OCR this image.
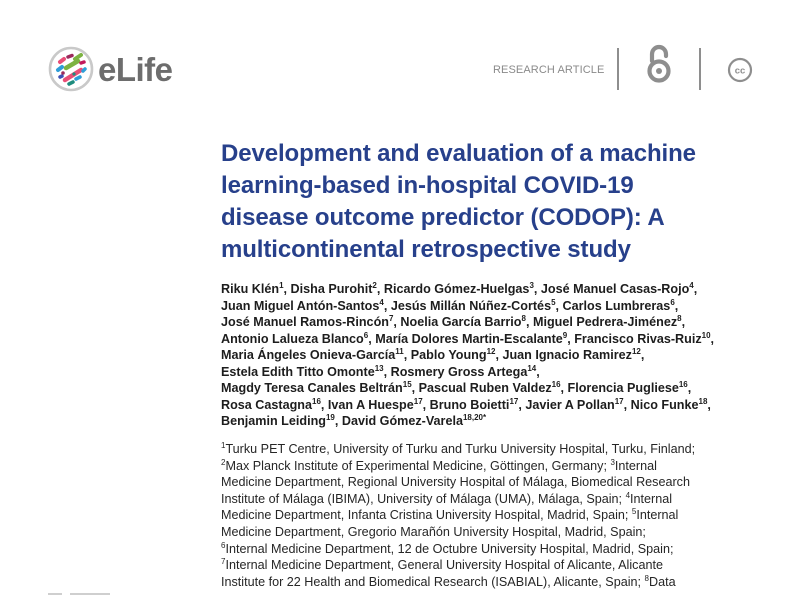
eLife	RESEARCH ARTICLE	cc
Development and evaluation of a machine
learning-based in-hospital COVID-19
disease outcome predictor (CODOP): A
multicontinental retrospective study
Riku Klén$^1$, Disha Purohit$^2$, Ricardo Gómez-Huelgas$^3$, José Manuel Casas-Rojo$^4$,
Juan Miguel Antón-Santos$^4$, Jesús Millán Núñez-Cortés$^5$, Carlos Lumbreras$^6$,
José Manuel Ramos-Rincón$^7$, Noelia García Barrio$^8$, Miguel Pedrera-Jiménez$^8$,
Antonio Lalueza Blanco$^6$, María Dolores Martin-Escalante$^9$, Francisco Rivas-Ruiz$^{10}$,
Maria Ángeles Onieva-García$^{11}$, Pablo Young$^{12}$, Juan Ignacio Ramirez$^{12}$,
Estela Edith Titto Omonte$^{13}$, Rosmery Gross Artega$^{14}$,
Magdy Teresa Canales Beltrán$^{15}$, Pascual Ruben Valdez$^{16}$, Florencia Pugliese$^{16}$,
Rosa Castagna$^{16}$, Ivan A Huespe$^{17}$, Bruno Boietti$^{17}$, Javier A Pollan$^{17}$, Nico Funke$^{18}$,
Benjamin Leiding$^{19}$, David Gómez-Varela$^{18,20*}$
$^1$Turku PET Centre, University of Turku and Turku University Hospital, Turku, Finland;
$^2$Max Planck Institute of Experimental Medicine, Göttingen, Germany; $^3$Internal
Medicine Department, Regional University Hospital of Málaga, Biomedical Research
Institute of Málaga (IBIMA), University of Málaga (UMA), Málaga, Spain; $^4$Internal
Medicine Department, Infanta Cristina University Hospital, Madrid, Spain; $^5$Internal
Medicine Department, Gregorio Marañón University Hospital, Madrid, Spain;
$^6$Internal Medicine Department, 12 de Octubre University Hospital, Madrid, Spain;
$^7$Internal Medicine Department, General University Hospital of Alicante, Alicante
Institute for 22 Health and Biomedical Research (ISABIAL), Alicante, Spain; $^8$Data
